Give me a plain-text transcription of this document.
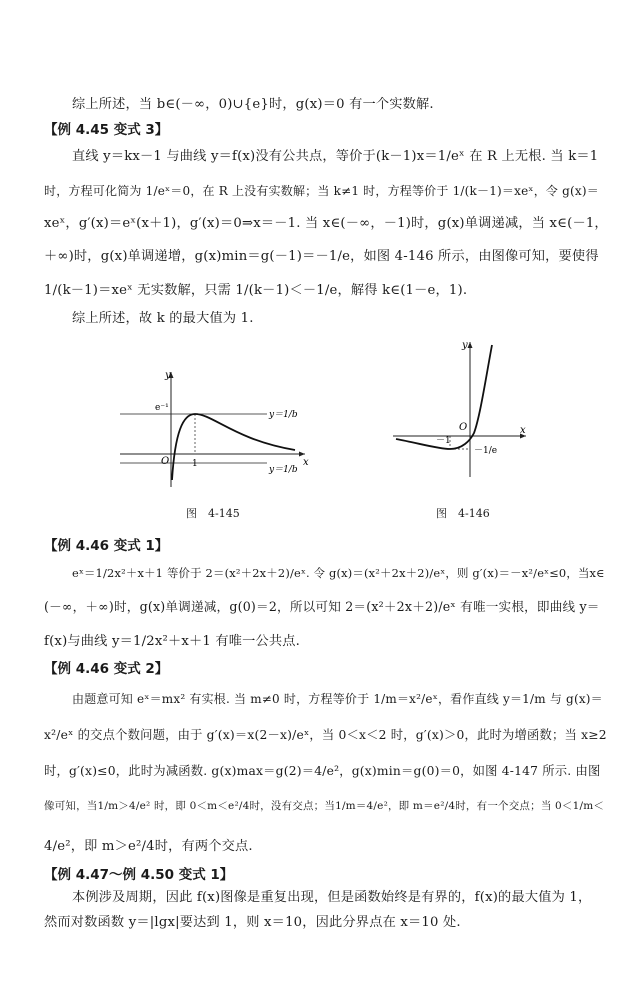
综上所述，当 b∈(－∞，0)∪{e}时，g(x)＝0 有一个实数解.
【例 4.45 变式 3】
直线 y＝kx－1 与曲线 y＝f(x)没有公共点，等价于(k－1)x＝1/eˣ 在 R 上无根. 当 k＝1
时，方程可化简为 1/eˣ＝0，在 R 上没有实数解；当 k≠1 时，方程等价于 1/(k－1)＝xeˣ，令 g(x)＝
xeˣ，g′(x)＝eˣ(x＋1)，g′(x)＝0⇒x＝－1. 当 x∈(－∞，－1)时，g(x)单调递减，当 x∈(－1，
＋∞)时，g(x)单调递增，g(x)min＝g(－1)＝－1/e，如图 4-146 所示，由图像可知，要使得
1/(k－1)＝xeˣ 无实数解，只需 1/(k－1)＜－1/e，解得 k∈(1－e，1).
综上所述，故 k 的最大值为 1.
【例 4.46 变式 1】
eˣ＝1/2x²＋x＋1 等价于 2＝(x²＋2x＋2)/eˣ. 令 g(x)＝(x²＋2x＋2)/eˣ，则 g′(x)＝－x²/eˣ≤0，当x∈
(－∞，＋∞)时，g(x)单调递减，g(0)＝2，所以可知 2＝(x²＋2x＋2)/eˣ 有唯一实根，即曲线 y＝
f(x)与曲线 y＝1/2x²＋x＋1 有唯一公共点.
【例 4.46 变式 2】
由题意可知 eˣ＝mx² 有实根. 当 m≠0 时，方程等价于 1/m＝x²/eˣ，看作直线 y＝1/m 与 g(x)＝
x²/eˣ 的交点个数问题，由于 g′(x)＝x(2－x)/eˣ，当 0＜x＜2 时，g′(x)＞0，此时为增函数；当 x≥2
时，g′(x)≤0，此时为减函数. g(x)max＝g(2)＝4/e²，g(x)min＝g(0)＝0，如图 4-147 所示. 由图
像可知，当1/m＞4/e² 时，即 0＜m＜e²/4时，没有交点；当1/m＝4/e²，即 m＝e²/4时，有一个交点；当 0＜1/m＜
4/e²，即 m＞e²/4时，有两个交点.
【例 4.47～例 4.50 变式 1】
本例涉及周期，因此 f(x)图像是重复出现，但是函数始终是有界的，f(x)的最大值为 1，
然而对数函数 y＝|lgx|要达到 1，则 x＝10，因此分界点在 x＝10 处.
y
x
O
e⁻¹
1
y＝1/b
y＝1/b
图　4-145
y
x
O
－1
－1/e
图　4-146
